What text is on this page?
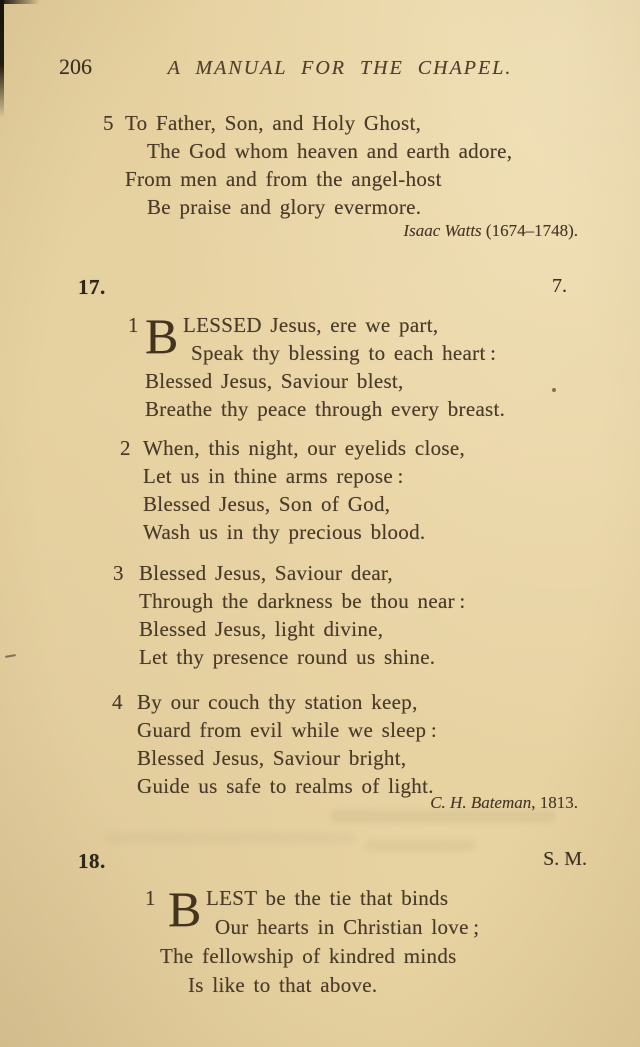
206	A MANUAL FOR THE CHAPEL.
5 To Father, Son, and Holy Ghost,
The God whom heaven and earth adore,
From men and from the angel-host
Be praise and glory evermore.
Isaac Watts (1674–1748).
17.	7.
1 B LESSED Jesus, ere we part,
Speak thy blessing to each heart :
Blessed Jesus, Saviour blest,
Breathe thy peace through every breast.
2 When, this night, our eyelids close,
Let us in thine arms repose :
Blessed Jesus, Son of God,
Wash us in thy precious blood.
3 Blessed Jesus, Saviour dear,
Through the darkness be thou near :
Blessed Jesus, light divine,
Let thy presence round us shine.
4 By our couch thy station keep,
Guard from evil while we sleep :
Blessed Jesus, Saviour bright,
Guide us safe to realms of light.
C. H. Bateman, 1813.
18.	S. M.
1 B LEST be the tie that binds
Our hearts in Christian love ;
The fellowship of kindred minds
Is like to that above.
